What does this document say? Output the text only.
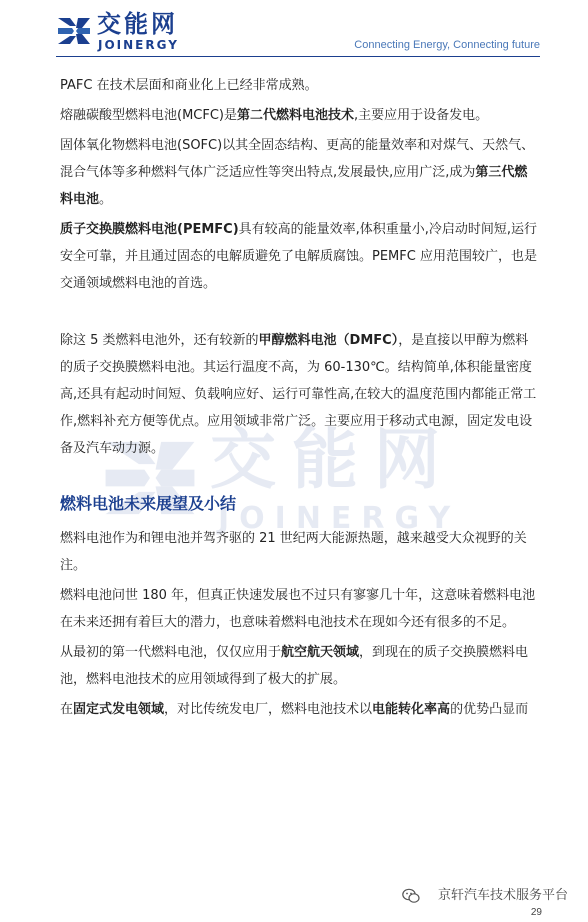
交能网
JOINERGY	Connecting Energy, Connecting future
交能网
JOINERGY

PAFC 在技术层面和商业化上已经非常成熟。

熔融碳酸型燃料电池(MCFC)是第二代燃料电池技术,主要应用于设备发电。

固体氧化物燃料电池(SOFC)以其全固态结构、更高的能量效率和对煤气、天然气、混合气体等多种燃料气体广泛适应性等突出特点,发展最快,应用广泛,成为第三代燃料电池。

质子交换膜燃料电池(PEMFC)具有较高的能量效率,体积重量小,冷启动时间短,运行安全可靠，并且通过固态的电解质避免了电解质腐蚀。PEMFC 应用范围较广，也是交通领域燃料电池的首选。

除这 5 类燃料电池外，还有较新的甲醇燃料电池（DMFC），是直接以甲醇为燃料的质子交换膜燃料电池。其运行温度不高，为 60-130℃。结构简单,体积能量密度高,还具有起动时间短、负载响应好、运行可靠性高,在较大的温度范围内都能正常工作,燃料补充方便等优点。应用领域非常广泛。主要应用于移动式电源，固定发电设备及汽车动力源。

燃料电池未来展望及小结

燃料电池作为和锂电池并驾齐驱的 21 世纪两大能源热题，越来越受大众视野的关注。

燃料电池问世 180 年，但真正快速发展也不过只有寥寥几十年，这意味着燃料电池在未来还拥有着巨大的潜力，也意味着燃料电池技术在现如今还有很多的不足。

从最初的第一代燃料电池，仅仅应用于航空航天领域，到现在的质子交换膜燃料电池，燃料电池技术的应用领域得到了极大的扩展。

在固定式发电领域，对比传统发电厂，燃料电池技术以电能转化率高的优势凸显而

京轩汽车技术服务平台
29
